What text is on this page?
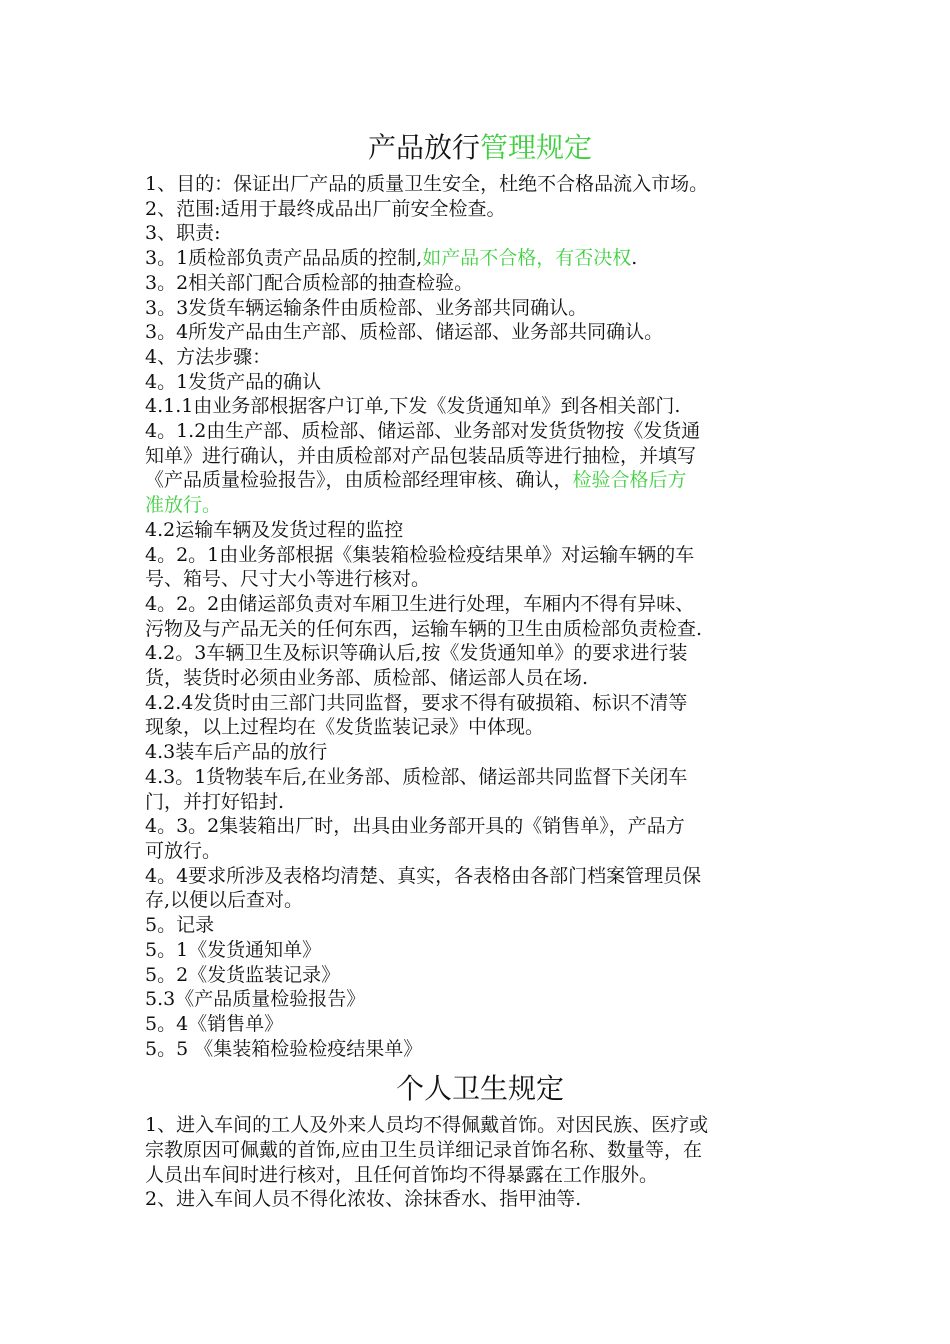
产品放行管理规定

1、目的：保证出厂产品的质量卫生安全，杜绝不合格品流入市场。

2、范围:适用于最终成品出厂前安全检查。

3、职责:

3。1质检部负责产品品质的控制,如产品不合格，有否决权.

3。2相关部门配合质检部的抽查检验。

3。3发货车辆运输条件由质检部、业务部共同确认。

3。4所发产品由生产部、质检部、储运部、业务部共同确认。

4、方法步骤：

4。1发货产品的确认

4.1.1由业务部根据客户订单,下发《发货通知单》到各相关部门.

4。1.2由生产部、质检部、储运部、业务部对发货货物按《发货通

知单》进行确认，并由质检部对产品包装品质等进行抽检，并填写

《产品质量检验报告》，由质检部经理审核、确认，检验合格后方

准放行。

4.2运输车辆及发货过程的监控

4。2。1由业务部根据《集装箱检验检疫结果单》对运输车辆的车

号、箱号、尺寸大小等进行核对。

4。2。2由储运部负责对车厢卫生进行处理，车厢内不得有异味、

污物及与产品无关的任何东西，运输车辆的卫生由质检部负责检查.

4.2。3车辆卫生及标识等确认后,按《发货通知单》的要求进行装

货，装货时必须由业务部、质检部、储运部人员在场.

4.2.4发货时由三部门共同监督，要求不得有破损箱、标识不清等

现象，以上过程均在《发货监装记录》中体现。

4.3装车后产品的放行

4.3。1货物装车后,在业务部、质检部、储运部共同监督下关闭车

门，并打好铅封.

4。3。2集装箱出厂时，出具由业务部开具的《销售单》，产品方

可放行。

4。4要求所涉及表格均清楚、真实，各表格由各部门档案管理员保

存,以便以后查对。

5。记录

5。1《发货通知单》

5。2《发货监装记录》

5.3《产品质量检验报告》

5。4《销售单》

5。5 《集装箱检验检疫结果单》

个人卫生规定

1、进入车间的工人及外来人员均不得佩戴首饰。对因民族、医疗或

宗教原因可佩戴的首饰,应由卫生员详细记录首饰名称、数量等，在

人员出车间时进行核对，且任何首饰均不得暴露在工作服外。

2、进入车间人员不得化浓妆、涂抹香水、指甲油等.
